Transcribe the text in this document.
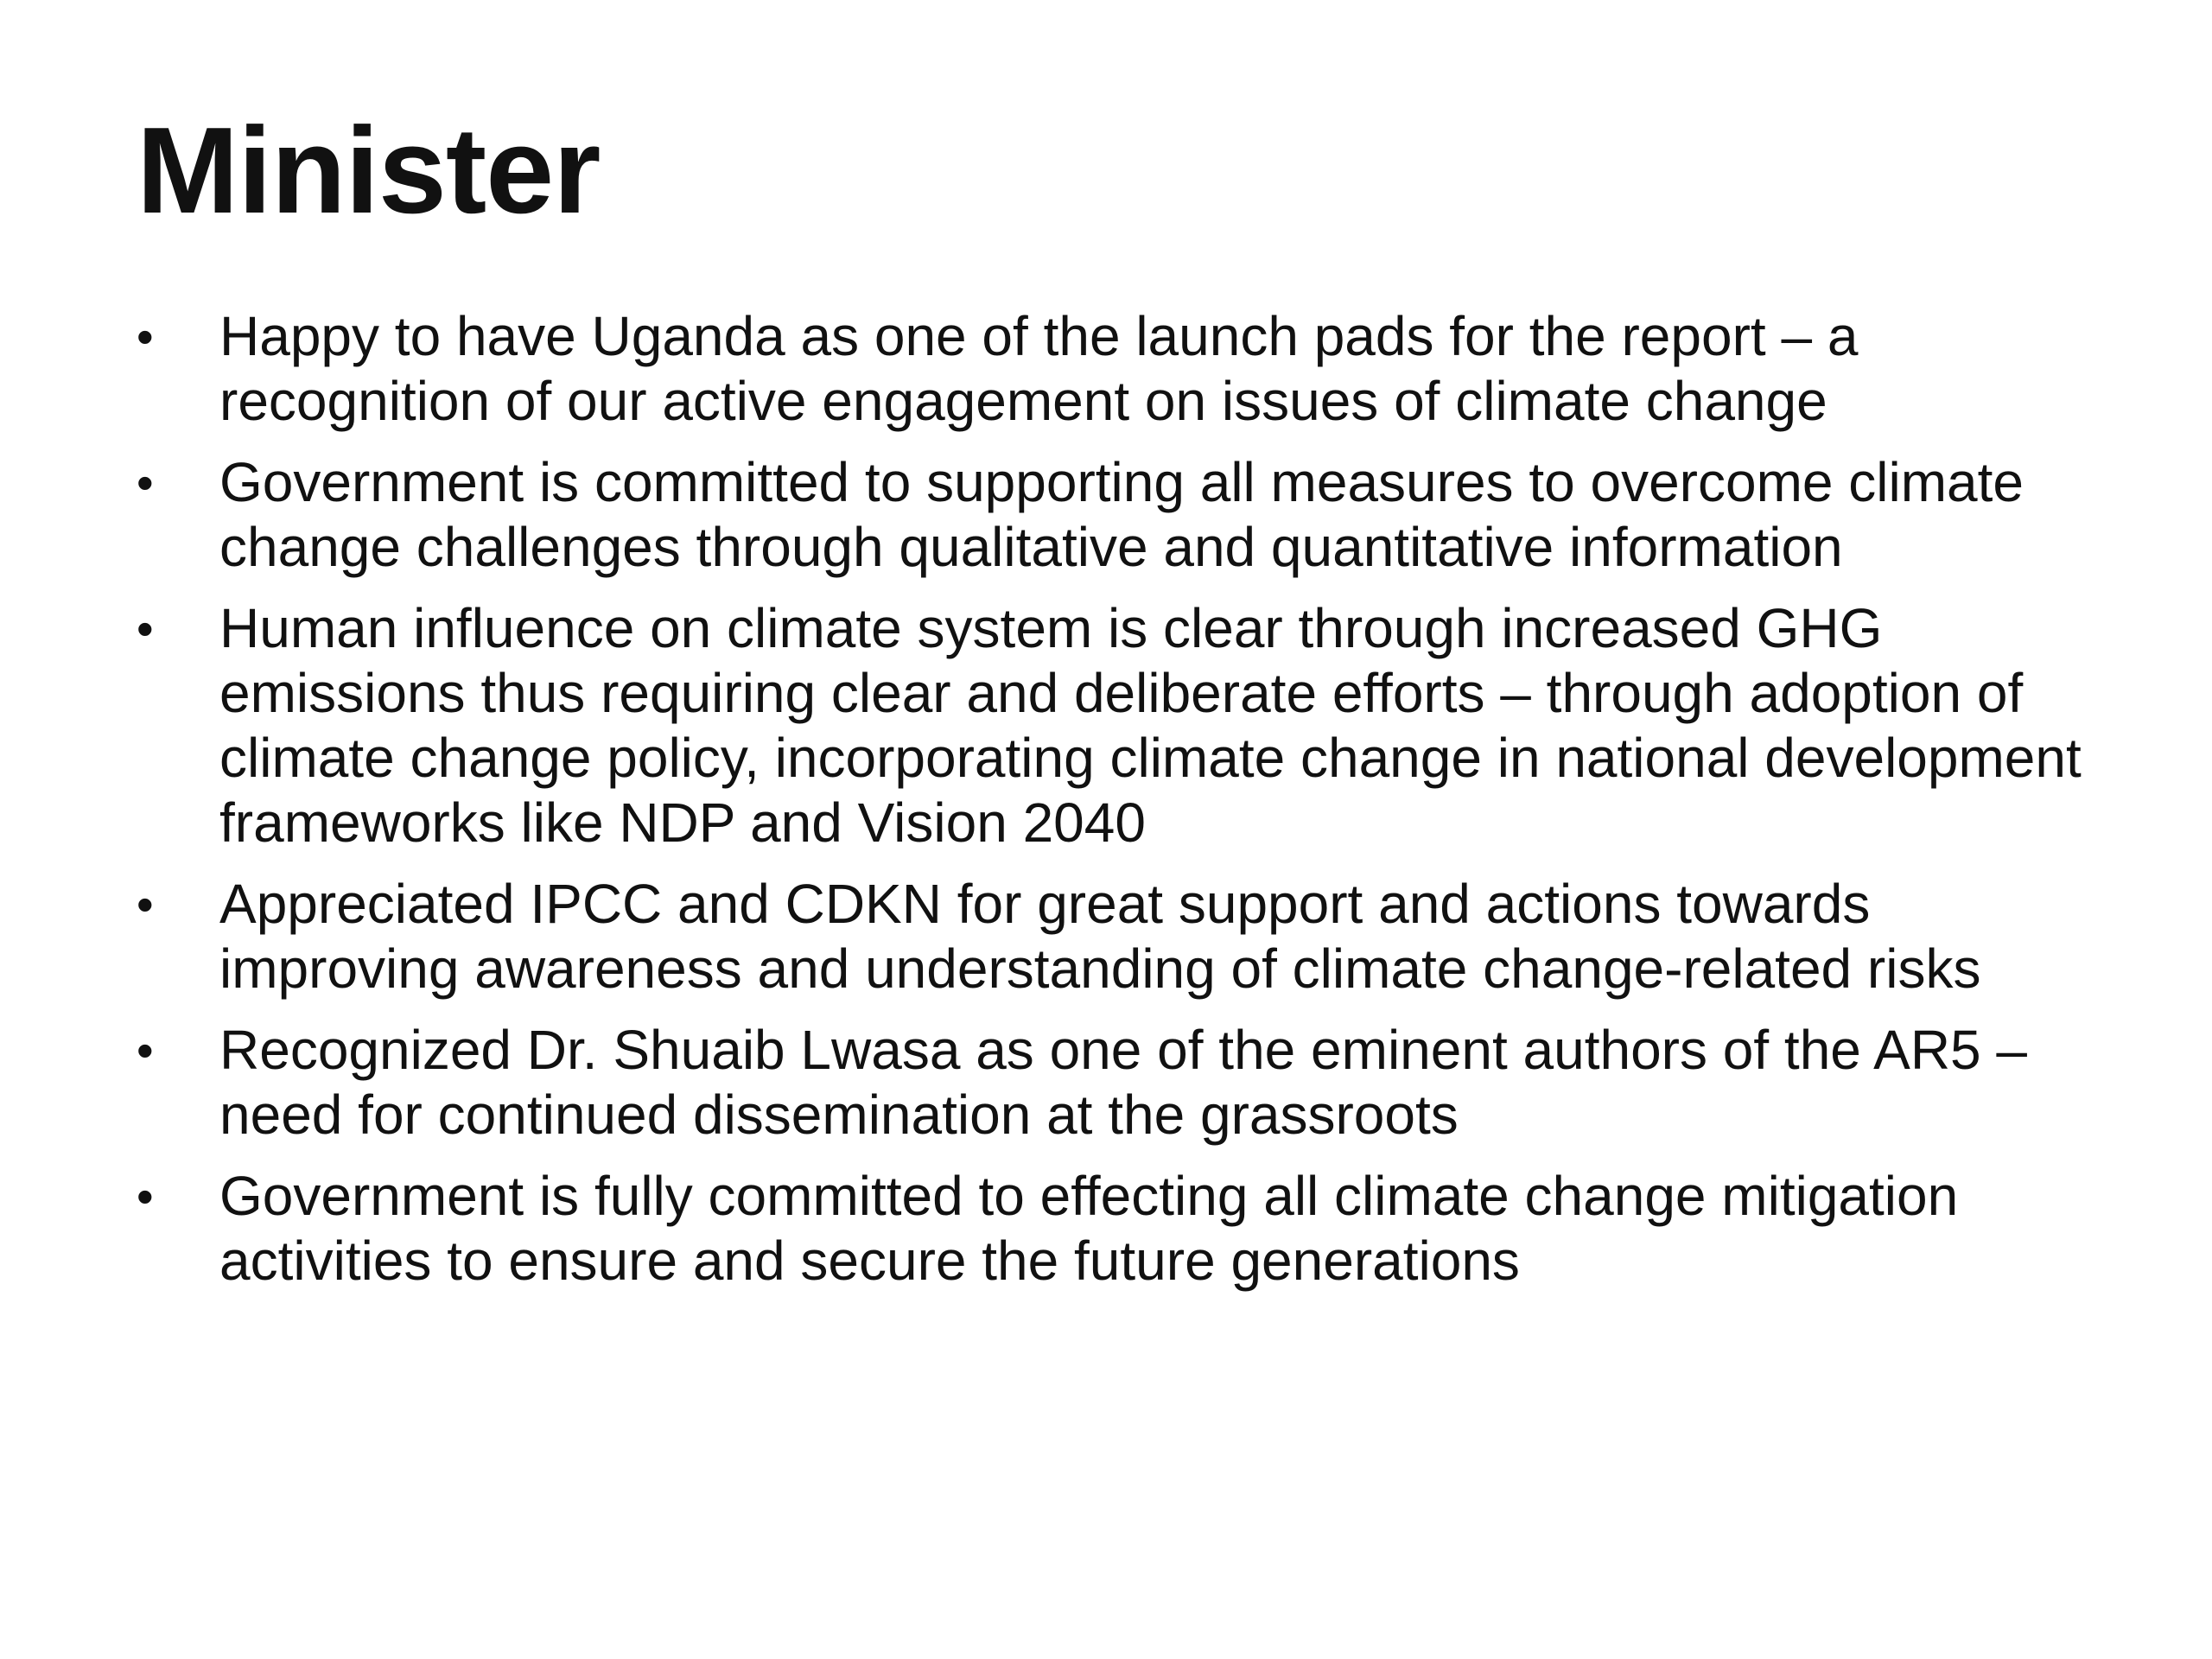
Minister
• Happy to have Uganda as one of the launch pads for the report – a recognition of our active engagement on issues of climate change
• Government is committed to supporting all measures to overcome climate change challenges through qualitative and quantitative information
• Human influence on climate system is clear through increased GHG emissions thus requiring clear and deliberate efforts – through adoption of climate change policy, incorporating climate change in national development frameworks like NDP and Vision 2040
• Appreciated IPCC and CDKN for great support and actions towards improving awareness and understanding of climate change-related risks
• Recognized Dr. Shuaib Lwasa as one of the eminent authors of the AR5 – need for continued dissemination at the grassroots
• Government is fully committed to effecting all climate change mitigation activities to ensure and secure the future generations
